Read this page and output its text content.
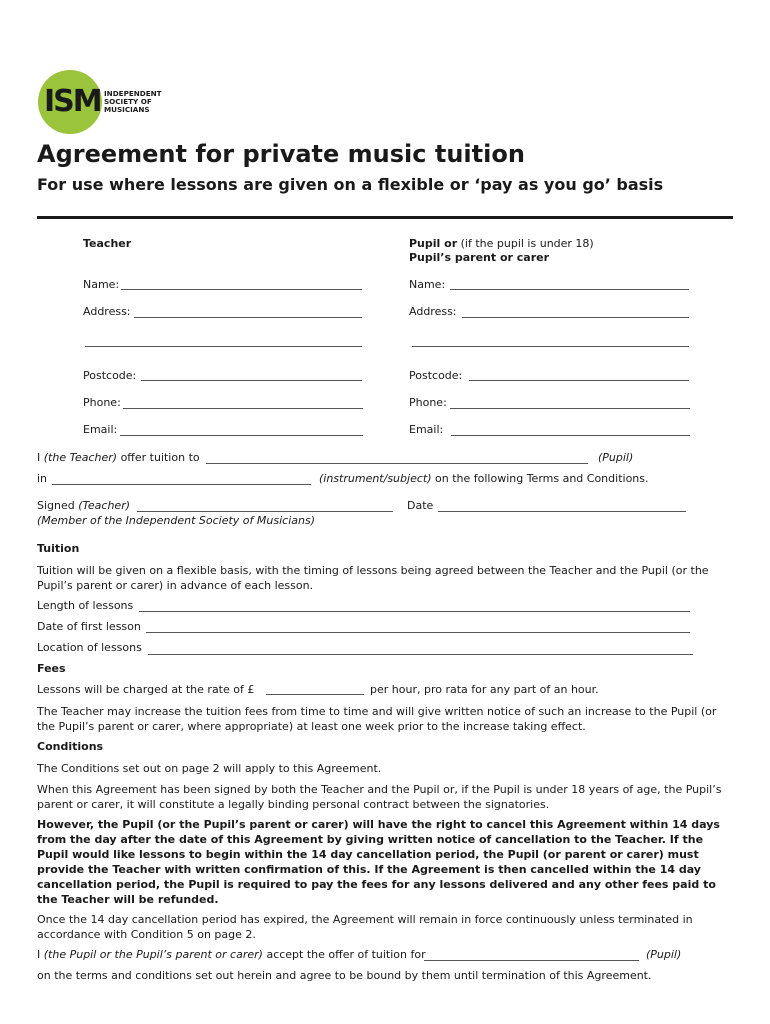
ISM INDEPENDENT
SOCIETY OF
MUSICIANS
Agreement for private music tuition
For use where lessons are given on a flexible or ‘pay as you go’ basis
Teacher
Name:
Address:
Postcode:
Phone:
Email:
Pupil or (if the pupil is under 18)
Pupil’s parent or carer
Name:
Address:
Postcode:
Phone:
Email:
I (the Teacher) offer tuition to	(Pupil)
in	(instrument/subject) on the following Terms and Conditions.
Signed (Teacher)	Date
(Member of the Independent Society of Musicians)
Tuition

Tuition will be given on a flexible basis, with the timing of lessons being agreed between the Teacher and the Pupil (or the Pupil’s parent or carer) in advance of each lesson.

Length of lessons
Date of first lesson
Location of lessons
Fees
Lessons will be charged at the rate of £	per hour, pro rata for any part of an hour.

The Teacher may increase the tuition fees from time to time and will give written notice of such an increase to the Pupil (or the Pupil’s parent or carer, where appropriate) at least one week prior to the increase taking effect.

Conditions

The Conditions set out on page 2 will apply to this Agreement.

When this Agreement has been signed by both the Teacher and the Pupil or, if the Pupil is under 18 years of age, the Pupil’s parent or carer, it will constitute a legally binding personal contract between the signatories.

However, the Pupil (or the Pupil’s parent or carer) will have the right to cancel this Agreement within 14 days from the day after the date of this Agreement by giving written notice of cancellation to the Teacher. If the Pupil would like lessons to begin within the 14 day cancellation period, the Pupil (or parent or carer) must provide the Teacher with written confirmation of this. If the Agreement is then cancelled within the 14 day cancellation period, the Pupil is required to pay the fees for any lessons delivered and any other fees paid to the Teacher will be refunded.

Once the 14 day cancellation period has expired, the Agreement will remain in force continuously unless terminated in accordance with Condition 5 on page 2.

I (the Pupil or the Pupil’s parent or carer) accept the offer of tuition for	(Pupil)
on the terms and conditions set out herein and agree to be bound by them until termination of this Agreement.
